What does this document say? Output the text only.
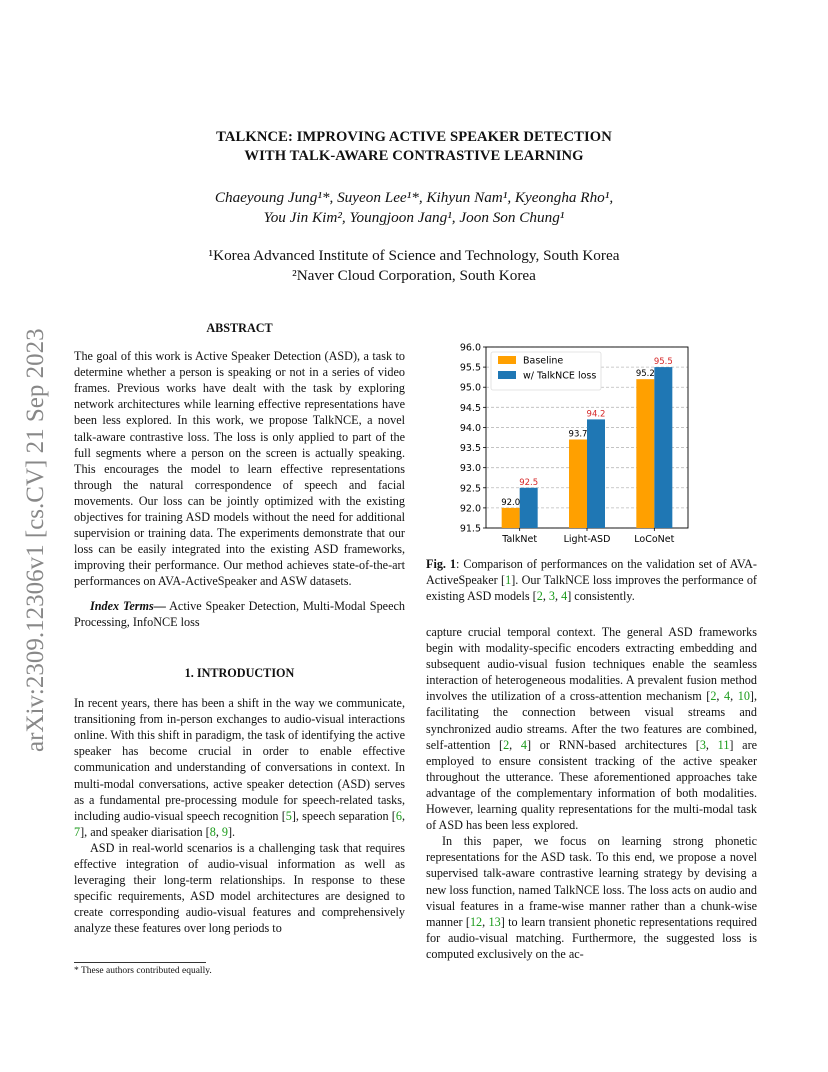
arXiv:2309.12306v1 [cs.CV] 21 Sep 2023
TALKNCE: IMPROVING ACTIVE SPEAKER DETECTION
WITH TALK-AWARE CONTRASTIVE LEARNING
Chaeyoung Jung¹*, Suyeon Lee¹*, Kihyun Nam¹, Kyeongha Rho¹,
You Jin Kim², Youngjoon Jang¹, Joon Son Chung¹
¹Korea Advanced Institute of Science and Technology, South Korea
²Naver Cloud Corporation, South Korea
ABSTRACT

The goal of this work is Active Speaker Detection (ASD), a task to determine whether a person is speaking or not in a series of video frames. Previous works have dealt with the task by exploring network architectures while learning effective representations have been less explored. In this work, we propose TalkNCE, a novel talk-aware contrastive loss. The loss is only applied to part of the full segments where a person on the screen is actually speaking. This encourages the model to learn effective representations through the natural correspondence of speech and facial movements. Our loss can be jointly optimized with the existing objectives for training ASD models without the need for additional supervision or training data. The experiments demonstrate that our loss can be easily integrated into the existing ASD frameworks, improving their performance. Our method achieves state-of-the-art performances on AVA-ActiveSpeaker and ASW datasets.

Index Terms— Active Speaker Detection, Multi-Modal Speech Processing, InfoNCE loss

1. INTRODUCTION

In recent years, there has been a shift in the way we communicate, transitioning from in-person exchanges to audio-visual interactions online. With this shift in paradigm, the task of identifying the active speaker has become crucial in order to enable effective communication and understanding of conversations in context. In multi-modal conversations, active speaker detection (ASD) serves as a fundamental pre-processing module for speech-related tasks, including audio-visual speech recognition [5], speech separation [6, 7], and speaker diarisation [8, 9].

ASD in real-world scenarios is a challenging task that requires effective integration of audio-visual information as well as leveraging their long-term relationships. In response to these specific requirements, ASD model architectures are designed to create corresponding audio-visual features and comprehensively analyze these features over long periods to

* These authors contributed equally.
91.5
92.0
92.5
93.0
93.5
94.0
94.5
95.0
95.5
96.0
92.0
92.5
TalkNet
93.7
94.2
Light-ASD
95.2
95.5
LoCoNet
Baseline
w/ TalkNCE loss

Fig. 1: Comparison of performances on the validation set of AVA-ActiveSpeaker [1]. Our TalkNCE loss improves the performance of existing ASD models [2, 3, 4] consistently.

capture crucial temporal context. The general ASD frameworks begin with modality-specific encoders extracting embedding and subsequent audio-visual fusion techniques enable the seamless interaction of heterogeneous modalities. A prevalent fusion method involves the utilization of a cross-attention mechanism [2, 4, 10], facilitating the connection between visual streams and synchronized audio streams. After the two features are combined, self-attention [2, 4] or RNN-based architectures [3, 11] are employed to ensure consistent tracking of the active speaker throughout the utterance. These aforementioned approaches take advantage of the complementary information of both modalities. However, learning quality representations for the multi-modal task of ASD has been less explored.

In this paper, we focus on learning strong phonetic representations for the ASD task. To this end, we propose a novel supervised talk-aware contrastive learning strategy by devising a new loss function, named TalkNCE loss. The loss acts on audio and visual features in a frame-wise manner rather than a chunk-wise manner [12, 13] to learn transient phonetic representations required for audio-visual matching. Furthermore, the suggested loss is computed exclusively on the ac-
